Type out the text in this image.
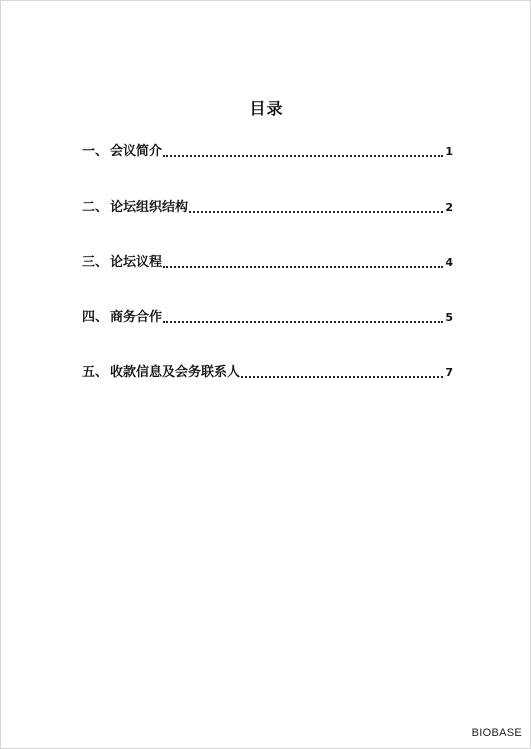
目录
一、 会议简介	1
二、 论坛组织结构	2
三、 论坛议程	4
四、 商务合作	5
五、 收款信息及会务联系人	7
BIOBASE
